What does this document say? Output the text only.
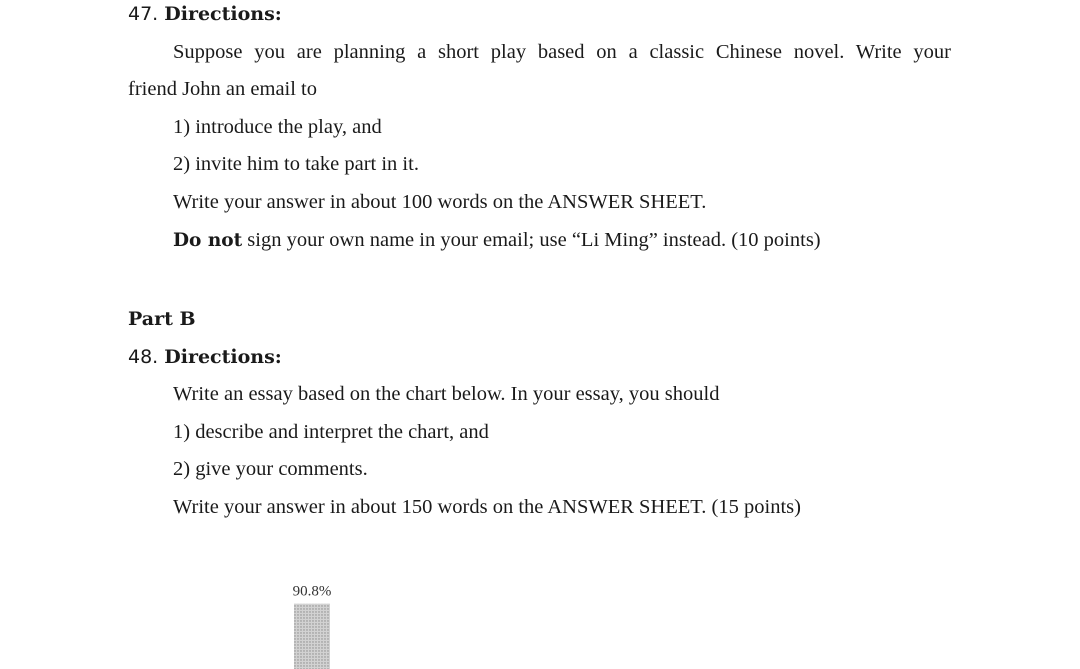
47. Directions:
Suppose you are planning a short play based on a classic Chinese novel. Write your
friend John an email to
1) introduce the play, and
2) invite him to take part in it.
Write your answer in about 100 words on the ANSWER SHEET.
Do not sign your own name in your email; use “Li Ming” instead. (10 points)
Part B
48. Directions:
Write an essay based on the chart below. In your essay, you should
1) describe and interpret the chart, and
2) give your comments.
Write your answer in about 150 words on the ANSWER SHEET. (15 points)
90.8%
